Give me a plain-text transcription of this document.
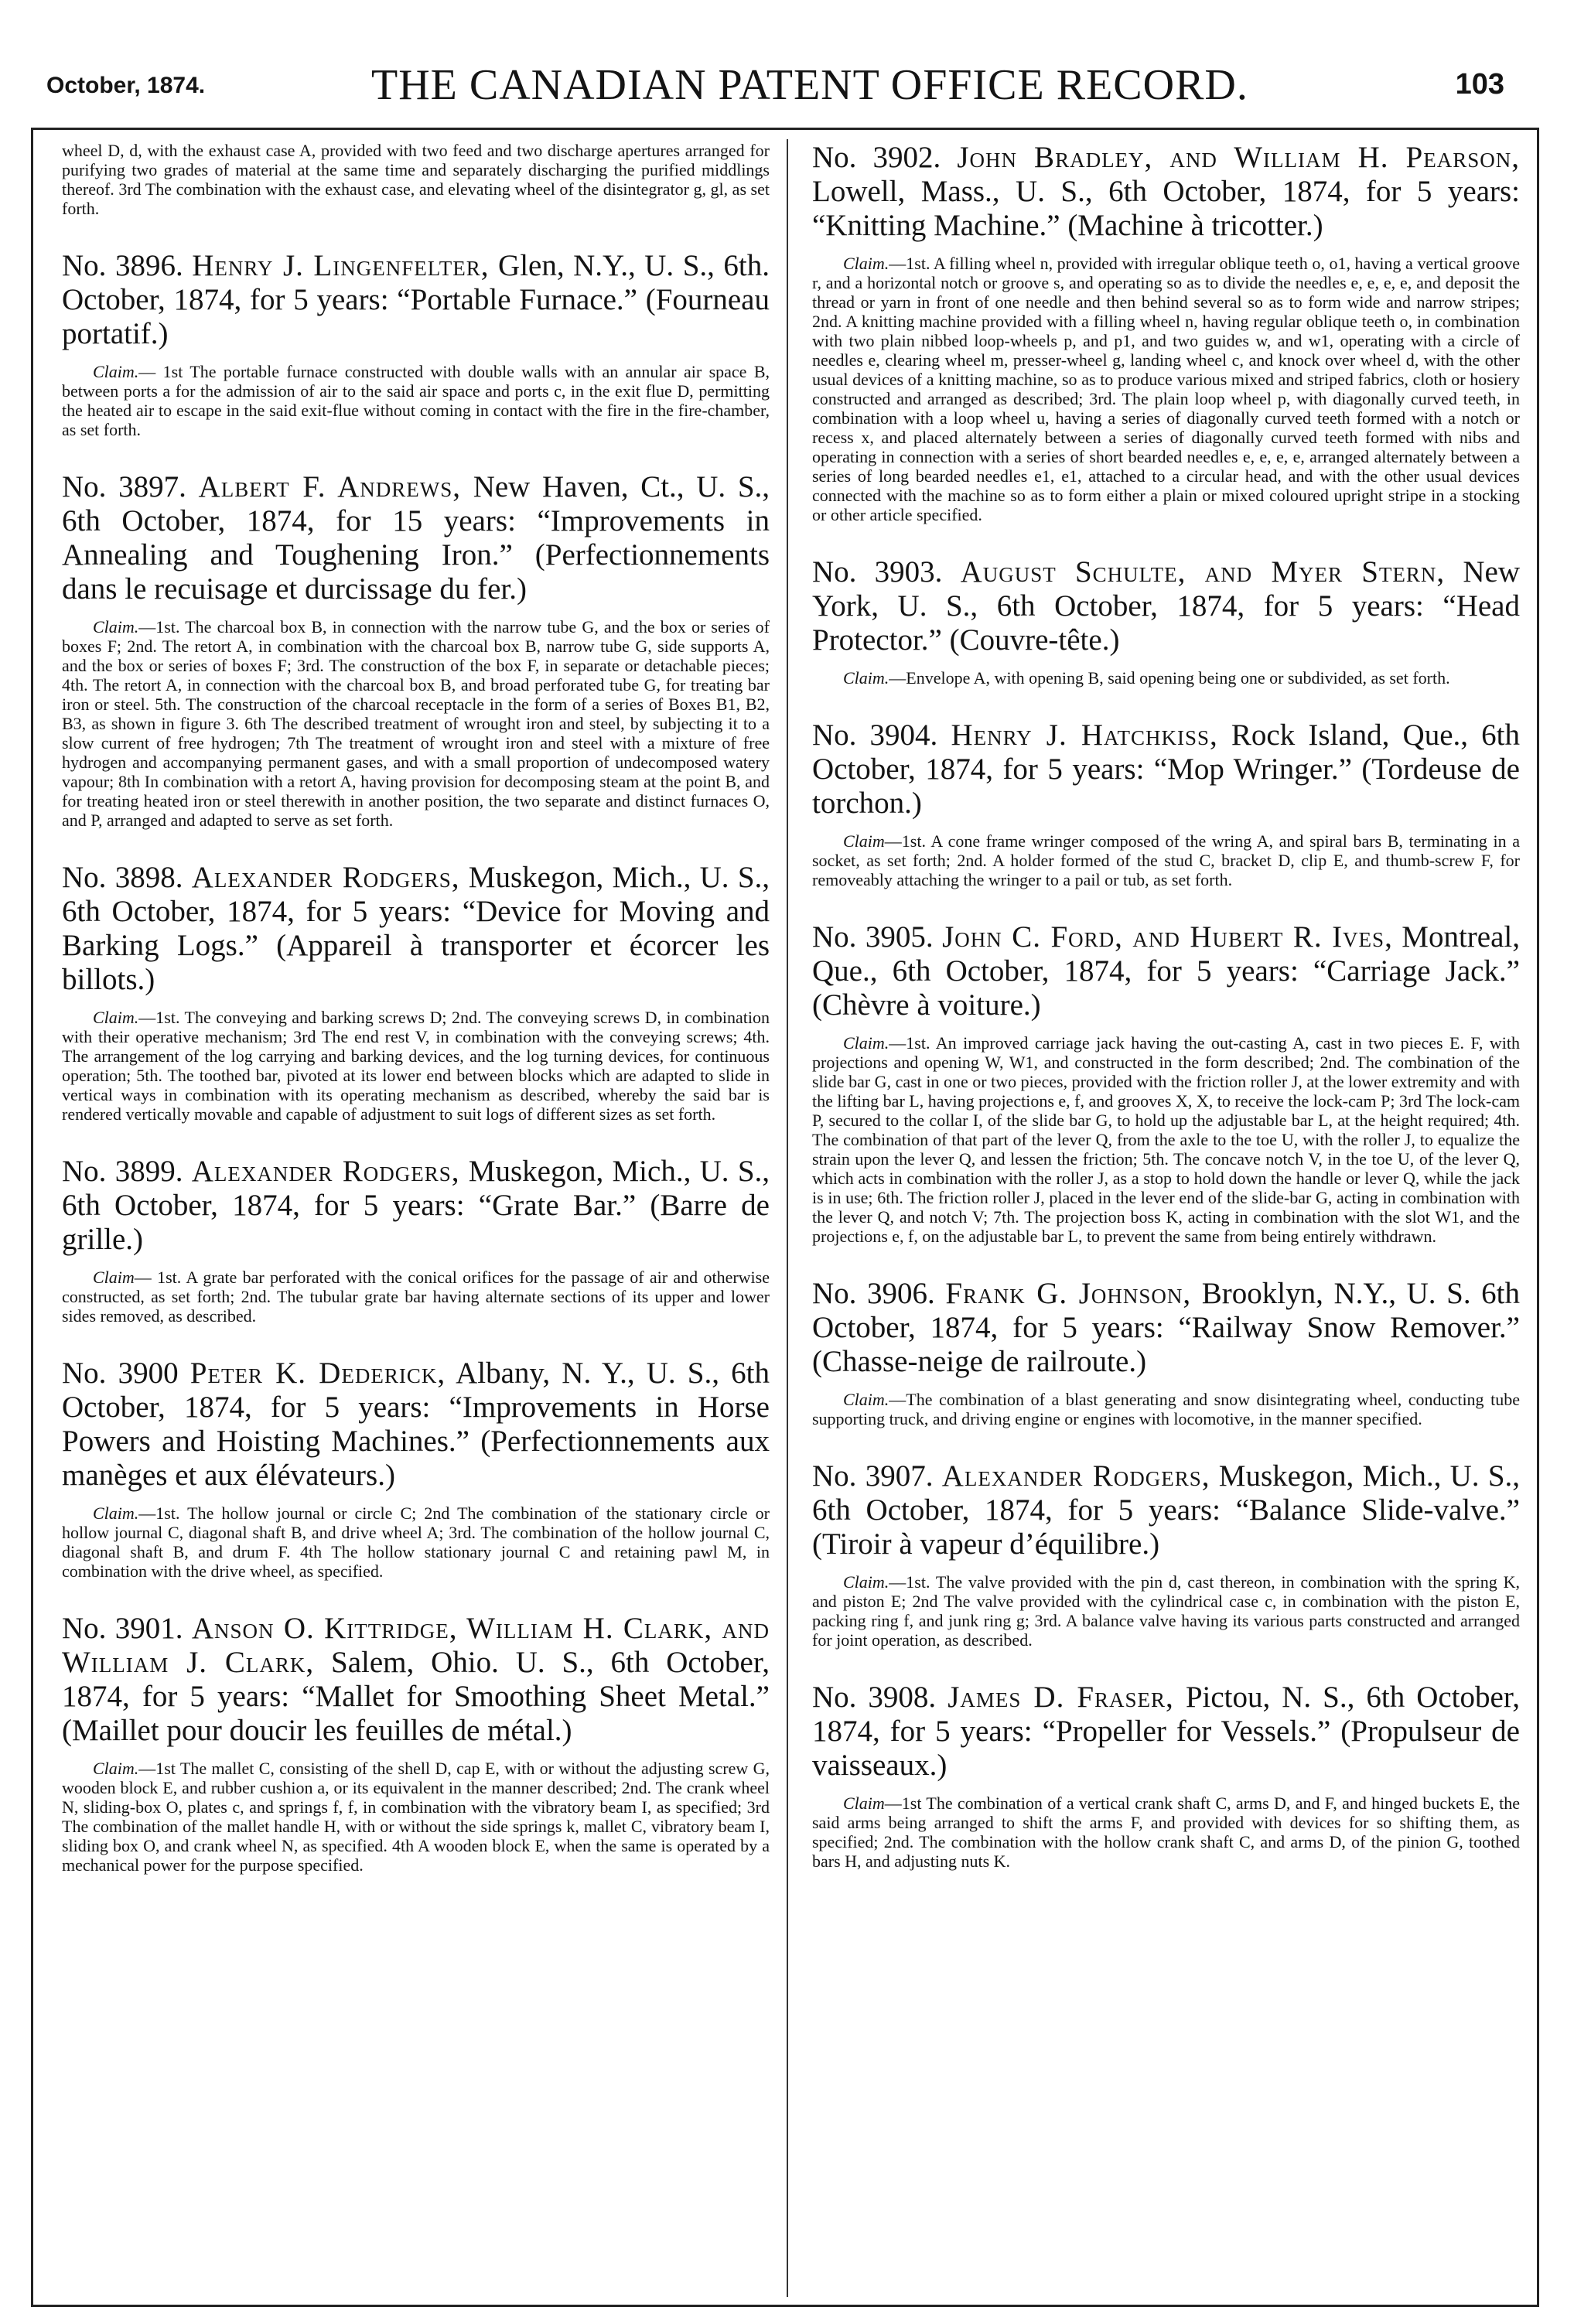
October, 1874.	THE CANADIAN PATENT OFFICE RECORD.	103

wheel D, d, with the exhaust case A, provided with two feed and two discharge apertures arranged for purifying two grades of material at the same time and separately discharging the purified middlings thereof. 3rd The combination with the exhaust case, and elevating wheel of the disintegrator g, gl, as set forth.

No. 3896. Henry J. Lingenfelter, Glen, N.Y., U. S., 6th. October, 1874, for 5 years: “Portable Furnace.” (Fourneau portatif.)

Claim.— 1st The portable furnace constructed with double walls with an annular air space B, between ports a for the admission of air to the said air space and ports c, in the exit flue D, permitting the heated air to escape in the said exit-flue without coming in contact with the fire in the fire-chamber, as set forth.

No. 3897. Albert F. Andrews, New Haven, Ct., U. S., 6th October, 1874, for 15 years: “Improvements in Annealing and Toughening Iron.” (Perfectionnements dans le recuisage et durcissage du fer.)

Claim.—1st. The charcoal box B, in connection with the narrow tube G, and the box or series of boxes F; 2nd. The retort A, in combination with the charcoal box B, narrow tube G, side supports A, and the box or series of boxes F; 3rd. The construction of the box F, in separate or detachable pieces; 4th. The retort A, in connection with the charcoal box B, and broad perforated tube G, for treating bar iron or steel. 5th. The construction of the charcoal receptacle in the form of a series of Boxes B1, B2, B3, as shown in figure 3. 6th The described treatment of wrought iron and steel, by subjecting it to a slow current of free hydrogen; 7th The treatment of wrought iron and steel with a mixture of free hydrogen and accompanying permanent gases, and with a small proportion of undecomposed watery vapour; 8th In combination with a retort A, having provision for decomposing steam at the point B, and for treating heated iron or steel therewith in another position, the two separate and distinct furnaces O, and P, arranged and adapted to serve as set forth.

No. 3898. Alexander Rodgers, Muskegon, Mich., U. S., 6th October, 1874, for 5 years: “Device for Moving and Barking Logs.” (Appareil à transporter et écorcer les billots.)

Claim.—1st. The conveying and barking screws D; 2nd. The conveying screws D, in combination with their operative mechanism; 3rd The end rest V, in combination with the conveying screws; 4th. The arrangement of the log carrying and barking devices, and the log turning devices, for continuous operation; 5th. The toothed bar, pivoted at its lower end between blocks which are adapted to slide in vertical ways in combination with its operating mechanism as described, whereby the said bar is rendered vertically movable and capable of adjustment to suit logs of different sizes as set forth.

No. 3899. Alexander Rodgers, Muskegon, Mich., U. S., 6th October, 1874, for 5 years: “Grate Bar.” (Barre de grille.)

Claim— 1st. A grate bar perforated with the conical orifices for the passage of air and otherwise constructed, as set forth; 2nd. The tubular grate bar having alternate sections of its upper and lower sides removed, as described.

No. 3900 Peter K. Dederick, Albany, N. Y., U. S., 6th October, 1874, for 5 years: “Improvements in Horse Powers and Hoisting Machines.” (Perfectionnements aux manèges et aux élévateurs.)

Claim.—1st. The hollow journal or circle C; 2nd The combination of the stationary circle or hollow journal C, diagonal shaft B, and drive wheel A; 3rd. The combination of the hollow journal C, diagonal shaft B, and drum F. 4th The hollow stationary journal C and retaining pawl M, in combination with the drive wheel, as specified.

No. 3901. Anson O. Kittridge, William H. Clark, and William J. Clark, Salem, Ohio. U. S., 6th October, 1874, for 5 years: “Mallet for Smoothing Sheet Metal.” (Maillet pour doucir les feuilles de métal.)

Claim.—1st The mallet C, consisting of the shell D, cap E, with or without the adjusting screw G, wooden block E, and rubber cushion a, or its equivalent in the manner described; 2nd. The crank wheel N, sliding-box O, plates c, and springs f, f, in combination with the vibratory beam I, as specified; 3rd The combination of the mallet handle H, with or without the side springs k, mallet C, vibratory beam I, sliding box O, and crank wheel N, as specified. 4th A wooden block E, when the same is operated by a mechanical power for the purpose specified.

No. 3902. John Bradley, and William H. Pearson, Lowell, Mass., U. S., 6th October, 1874, for 5 years: “Knitting Machine.” (Machine à tricotter.)

Claim.—1st. A filling wheel n, provided with irregular oblique teeth o, o1, having a vertical groove r, and a horizontal notch or groove s, and operating so as to divide the needles e, e, e, e, and deposit the thread or yarn in front of one needle and then behind several so as to form wide and narrow stripes; 2nd. A knitting machine provided with a filling wheel n, having regular oblique teeth o, in combination with two plain nibbed loop-wheels p, and p1, and two guides w, and w1, operating with a circle of needles e, clearing wheel m, presser-wheel g, landing wheel c, and knock over wheel d, with the other usual devices of a knitting machine, so as to produce various mixed and striped fabrics, cloth or hosiery constructed and arranged as described; 3rd. The plain loop wheel p, with diagonally curved teeth, in combination with a loop wheel u, having a series of diagonally curved teeth formed with a notch or recess x, and placed alternately between a series of diagonally curved teeth formed with nibs and operating in connection with a series of short bearded needles e, e, e, e, arranged alternately between a series of long bearded needles e1, e1, attached to a circular head, and with the other usual devices connected with the machine so as to form either a plain or mixed coloured upright stripe in a stocking or other article specified.

No. 3903. August Schulte, and Myer Stern, New York, U. S., 6th October, 1874, for 5 years: “Head Protector.” (Couvre-tête.)

Claim.—Envelope A, with opening B, said opening being one or subdivided, as set forth.

No. 3904. Henry J. Hatchkiss, Rock Island, Que., 6th October, 1874, for 5 years: “Mop Wringer.” (Tordeuse de torchon.)

Claim—1st. A cone frame wringer composed of the wring A, and spiral bars B, terminating in a socket, as set forth; 2nd. A holder formed of the stud C, bracket D, clip E, and thumb-screw F, for removeably attaching the wringer to a pail or tub, as set forth.

No. 3905. John C. Ford, and Hubert R. Ives, Montreal, Que., 6th October, 1874, for 5 years: “Carriage Jack.” (Chèvre à voiture.)

Claim.—1st. An improved carriage jack having the out-casting A, cast in two pieces E. F, with projections and opening W, W1, and constructed in the form described; 2nd. The combination of the slide bar G, cast in one or two pieces, provided with the friction roller J, at the lower extremity and with the lifting bar L, having projections e, f, and grooves X, X, to receive the lock-cam P; 3rd The lock-cam P, secured to the collar I, of the slide bar G, to hold up the adjustable bar L, at the height required; 4th. The combination of that part of the lever Q, from the axle to the toe U, with the roller J, to equalize the strain upon the lever Q, and lessen the friction; 5th. The concave notch V, in the toe U, of the lever Q, which acts in combination with the roller J, as a stop to hold down the handle or lever Q, while the jack is in use; 6th. The friction roller J, placed in the lever end of the slide-bar G, acting in combination with the lever Q, and notch V; 7th. The projection boss K, acting in combination with the slot W1, and the projections e, f, on the adjustable bar L, to prevent the same from being entirely withdrawn.

No. 3906. Frank G. Johnson, Brooklyn, N.Y., U. S. 6th October, 1874, for 5 years: “Railway Snow Remover.” (Chasse-neige de railroute.)

Claim.—The combination of a blast generating and snow disintegrating wheel, conducting tube supporting truck, and driving engine or engines with locomotive, in the manner specified.

No. 3907. Alexander Rodgers, Muskegon, Mich., U. S., 6th October, 1874, for 5 years: “Balance Slide-valve.” (Tiroir à vapeur d’équilibre.)

Claim.—1st. The valve provided with the pin d, cast thereon, in combination with the spring K, and piston E; 2nd The valve provided with the cylindrical case c, in combination with the piston E, packing ring f, and junk ring g; 3rd. A balance valve having its various parts constructed and arranged for joint operation, as described.

No. 3908. James D. Fraser, Pictou, N. S., 6th October, 1874, for 5 years: “Propeller for Vessels.” (Propulseur de vaisseaux.)

Claim—1st The combination of a vertical crank shaft C, arms D, and F, and hinged buckets E, the said arms being arranged to shift the arms F, and provided with devices for so shifting them, as specified; 2nd. The combination with the hollow crank shaft C, and arms D, of the pinion G, toothed bars H, and adjusting nuts K.
